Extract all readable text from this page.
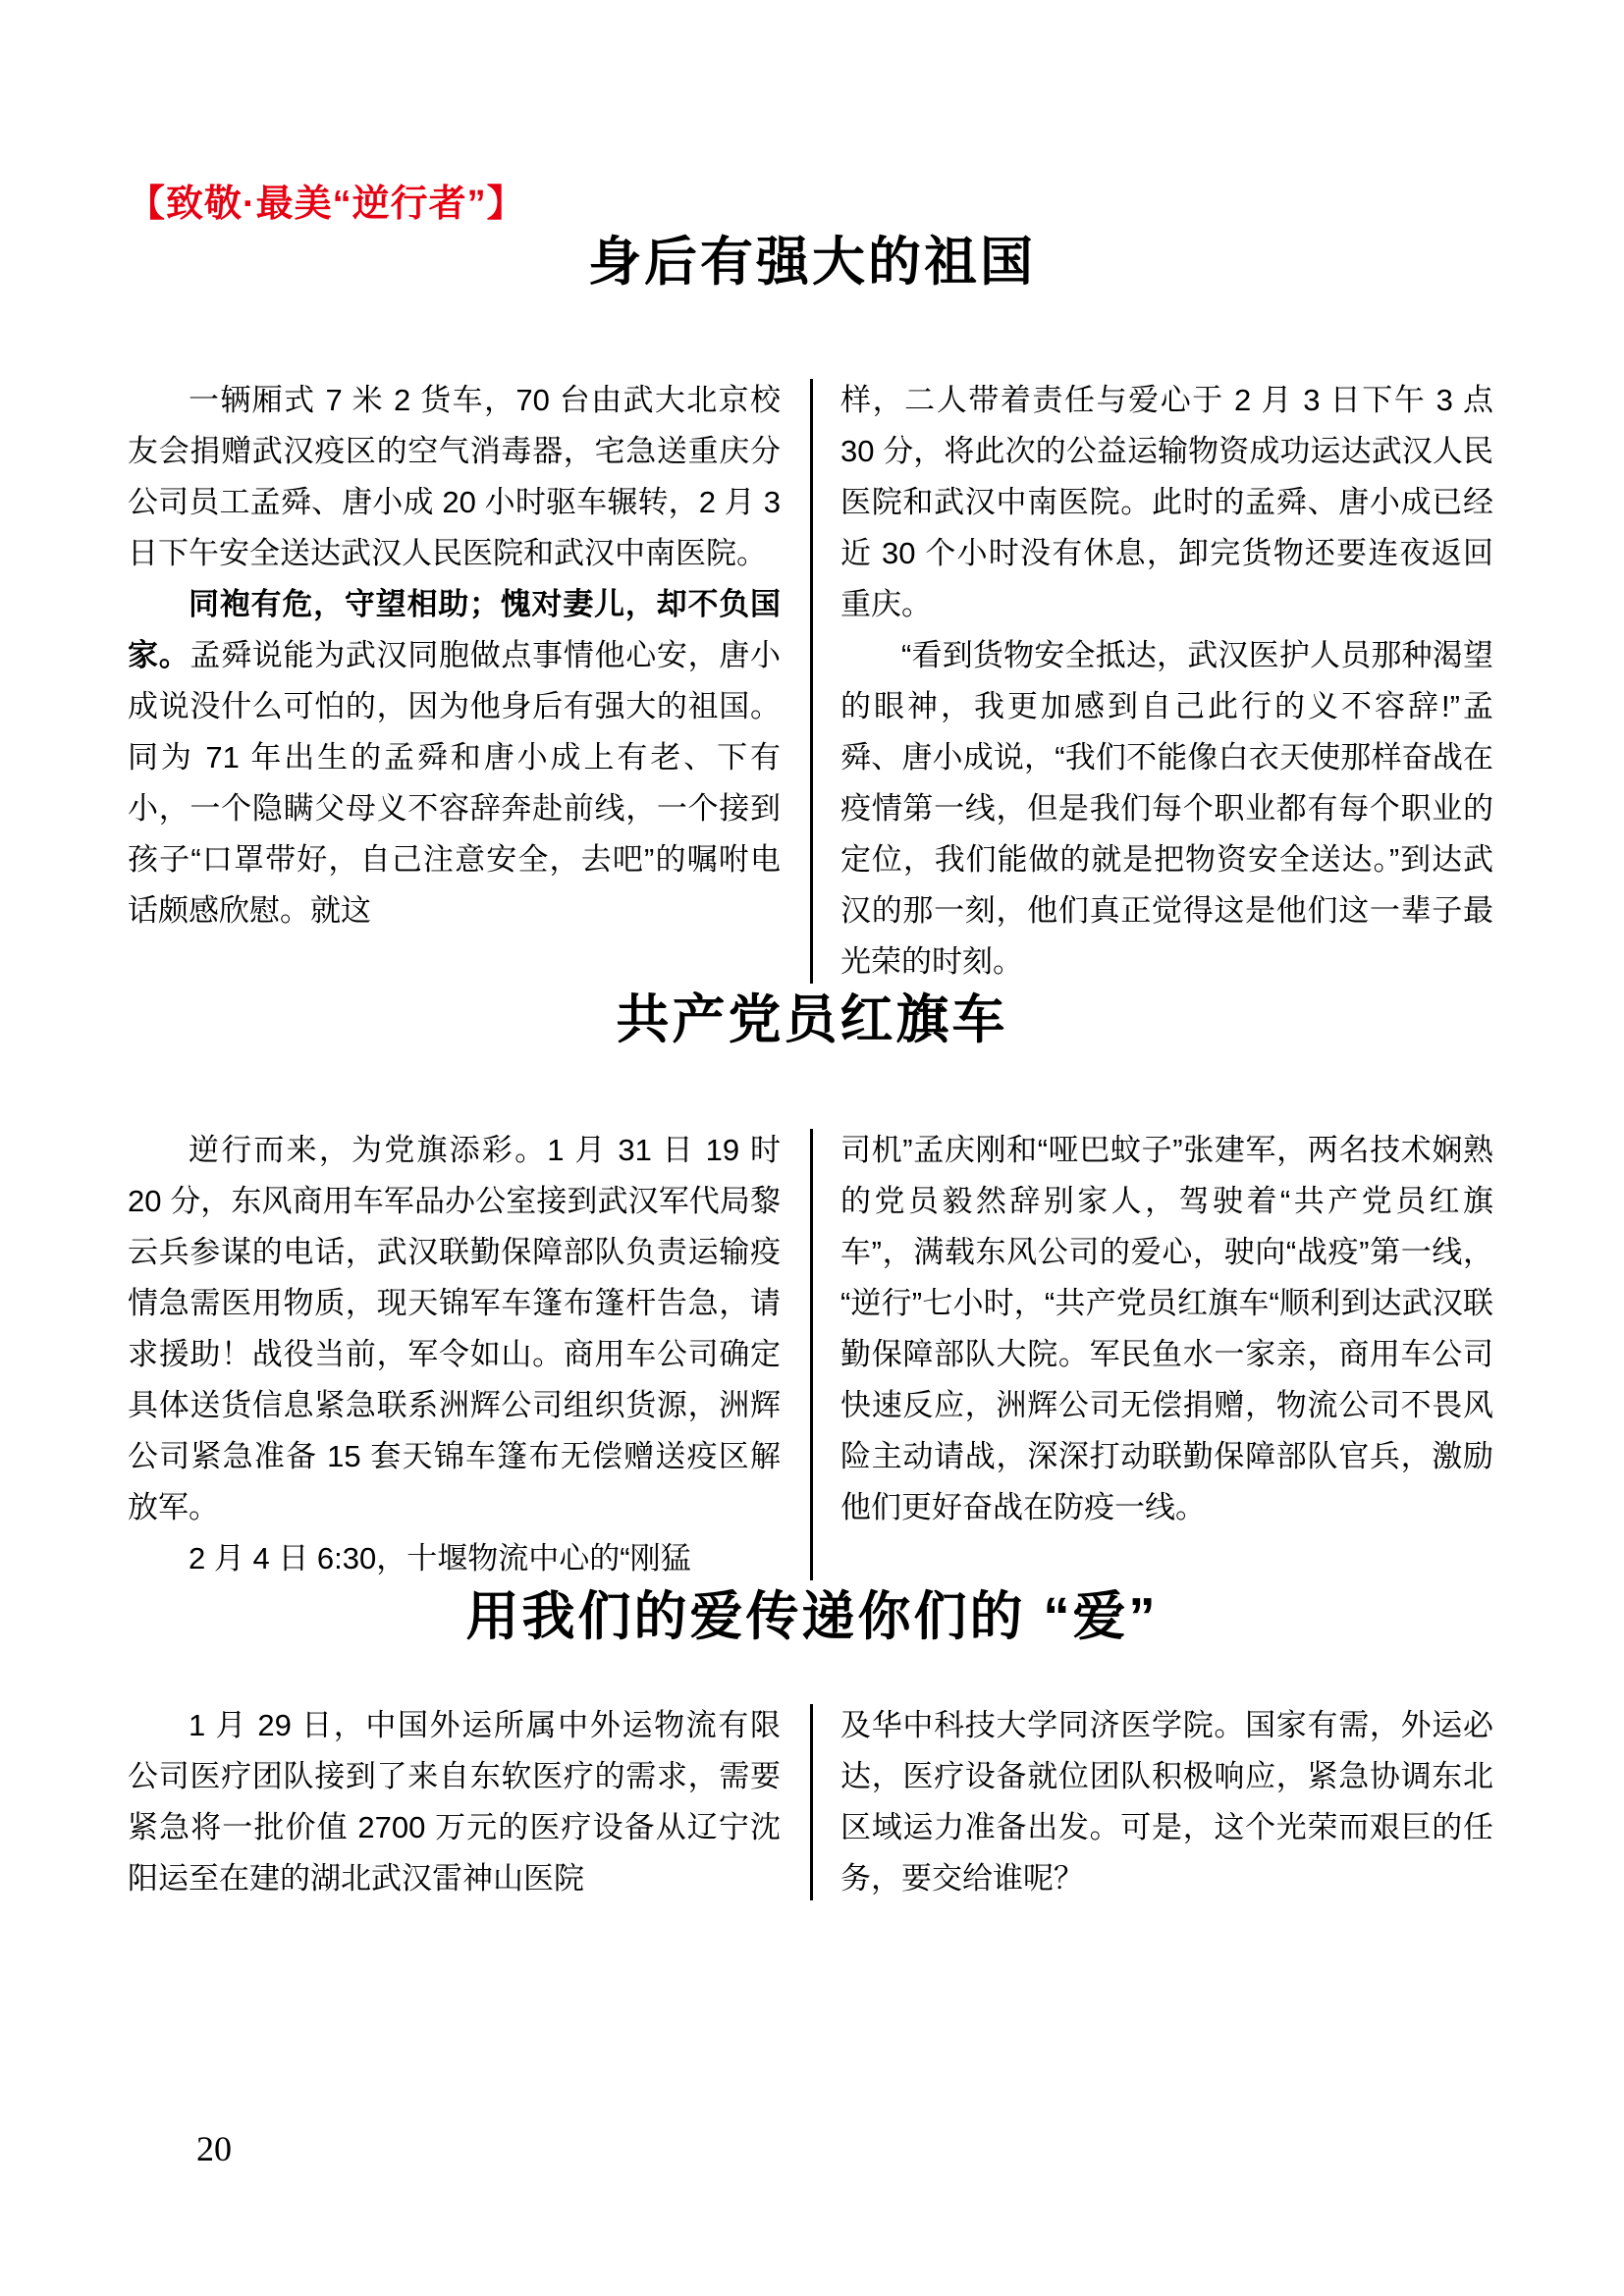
【致敬·最美“逆行者”】

身后有强大的祖国

一辆厢式 7 米 2 货车，70 台由武大北京校友会捐赠武汉疫区的空气消毒器，宅急送重庆分公司员工孟舜、唐小成 20 小时驱车辗转，2 月 3 日下午安全送达武汉人民医院和武汉中南医院。

同袍有危，守望相助；愧对妻儿，却不负国家。孟舜说能为武汉同胞做点事情他心安，唐小成说没什么可怕的，因为他身后有强大的祖国。同为 71 年出生的孟舜和唐小成上有老、下有小，一个隐瞒父母义不容辞奔赴前线，一个接到孩子“口罩带好，自己注意安全，去吧”的嘱咐电话颇感欣慰。就这

样，二人带着责任与爱心于 2 月 3 日下午 3 点 30 分，将此次的公益运输物资成功运达武汉人民医院和武汉中南医院。此时的孟舜、唐小成已经近 30 个小时没有休息，卸完货物还要连夜返回重庆。

“看到货物安全抵达，武汉医护人员那种渴望的眼神，我更加感到自己此行的义不容辞!”孟舜、唐小成说，“我们不能像白衣天使那样奋战在疫情第一线，但是我们每个职业都有每个职业的定位，我们能做的就是把物资安全送达。”到达武汉的那一刻，他们真正觉得这是他们这一辈子最光荣的时刻。

共产党员红旗车

逆行而来，为党旗添彩。1 月 31 日 19 时 20 分，东风商用车军品办公室接到武汉军代局黎云兵参谋的电话，武汉联勤保障部队负责运输疫情急需医用物质，现天锦军车篷布篷杆告急，请求援助！战役当前，军令如山。商用车公司确定具体送货信息紧急联系洲辉公司组织货源，洲辉公司紧急准备 15 套天锦车篷布无偿赠送疫区解放军。

2 月 4 日 6:30，十堰物流中心的“刚猛

司机”孟庆刚和“哑巴蚊子”张建军，两名技术娴熟的党员毅然辞别家人，驾驶着“共产党员红旗车”，满载东风公司的爱心，驶向“战疫”第一线，“逆行”七小时，“共产党员红旗车“顺利到达武汉联勤保障部队大院。军民鱼水一家亲，商用车公司快速反应，洲辉公司无偿捐赠，物流公司不畏风险主动请战，深深打动联勤保障部队官兵，激励他们更好奋战在防疫一线。

用我们的爱传递你们的 “爱”

1 月 29 日，中国外运所属中外运物流有限公司医疗团队接到了来自东软医疗的需求，需要紧急将一批价值 2700 万元的医疗设备从辽宁沈阳运至在建的湖北武汉雷神山医院

及华中科技大学同济医学院。国家有需，外运必达，医疗设备就位团队积极响应，紧急协调东北区域运力准备出发。可是，这个光荣而艰巨的任务，要交给谁呢？

20
